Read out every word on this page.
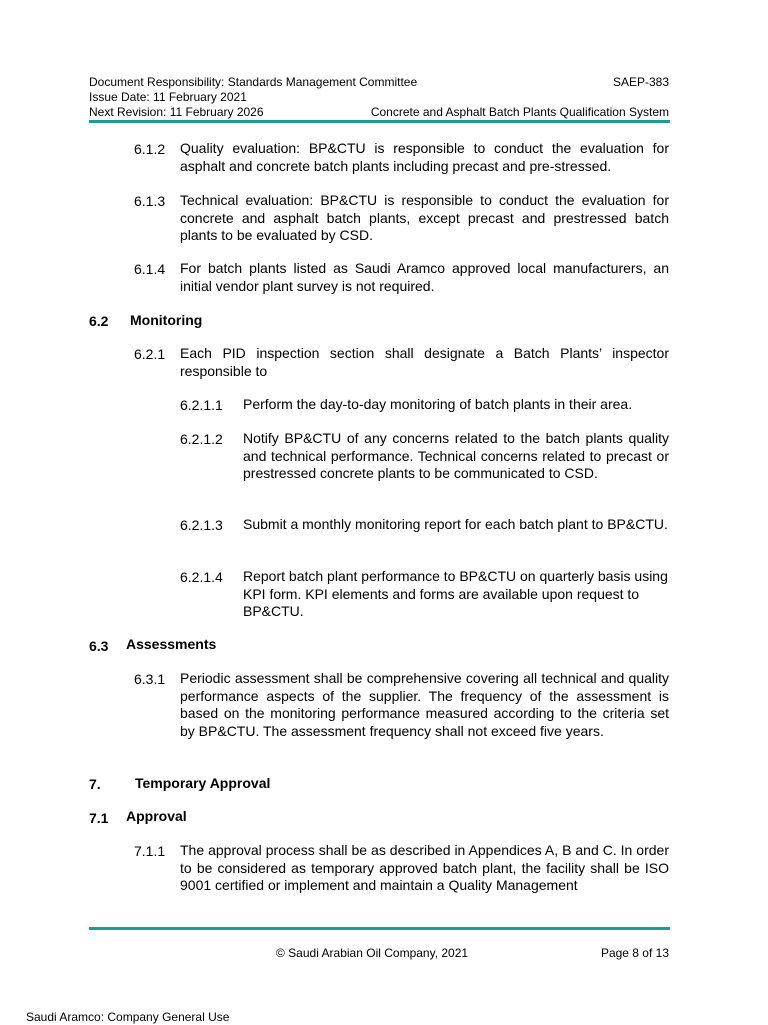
Document Responsibility: Standards Management Committee	SAEP-383
Issue Date: 11 February 2021
Next Revision: 11 February 2026	Concrete and Asphalt Batch Plants Qualification System
6.1.2 Quality evaluation: BP&CTU is responsible to conduct the evaluation for asphalt and concrete batch plants including precast and pre-stressed.
6.1.3 Technical evaluation: BP&CTU is responsible to conduct the evaluation for concrete and asphalt batch plants, except precast and prestressed batch plants to be evaluated by CSD.
6.1.4 For batch plants listed as Saudi Aramco approved local manufacturers, an initial vendor plant survey is not required.
6.2 Monitoring
6.2.1 Each PID inspection section shall designate a Batch Plants’ inspector responsible to
6.2.1.1 Perform the day-to-day monitoring of batch plants in their area.
6.2.1.2 Notify BP&CTU of any concerns related to the batch plants quality and technical performance. Technical concerns related to precast or prestressed concrete plants to be communicated to CSD.
6.2.1.3 Submit a monthly monitoring report for each batch plant to BP&CTU.
6.2.1.4 Report batch plant performance to BP&CTU on quarterly basis using KPI form. KPI elements and forms are available upon request to BP&CTU.
6.3 Assessments
6.3.1 Periodic assessment shall be comprehensive covering all technical and quality performance aspects of the supplier. The frequency of the assessment is based on the monitoring performance measured according to the criteria set by BP&CTU. The assessment frequency shall not exceed five years.
7. Temporary Approval
7.1 Approval
7.1.1 The approval process shall be as described in Appendices A, B and C. In order to be considered as temporary approved batch plant, the facility shall be ISO 9001 certified or implement and maintain a Quality Management
© Saudi Arabian Oil Company, 2021	Page 8 of 13
Saudi Aramco: Company General Use
